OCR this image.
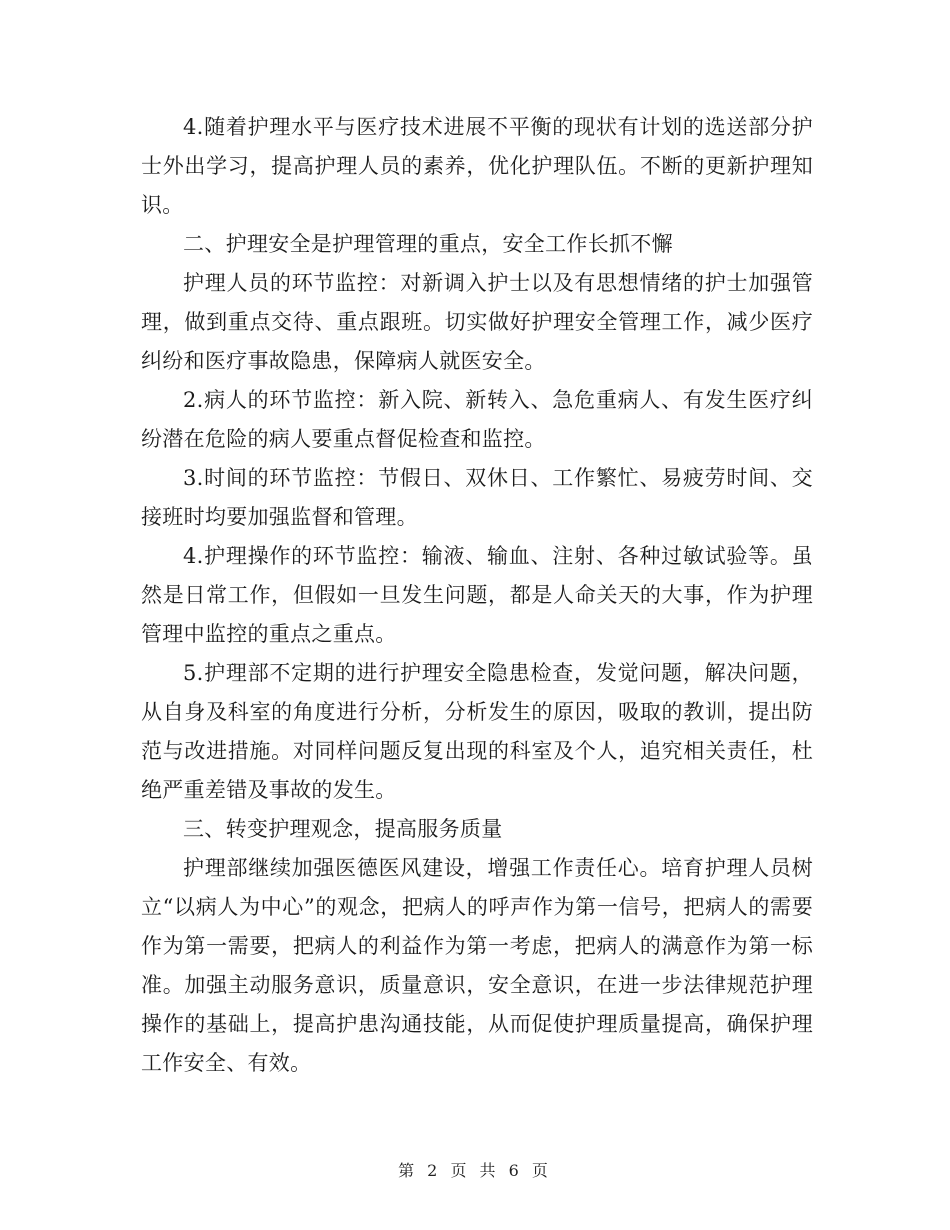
4.随着护理水平与医疗技术进展不平衡的现状有计划的选送部分护士外出学习，提高护理人员的素养，优化护理队伍。不断的更新护理知识。

二、护理安全是护理管理的重点，安全工作长抓不懈

护理人员的环节监控：对新调入护士以及有思想情绪的护士加强管理，做到重点交待、重点跟班。切实做好护理安全管理工作，减少医疗纠纷和医疗事故隐患，保障病人就医安全。

2.病人的环节监控：新入院、新转入、急危重病人、有发生医疗纠纷潜在危险的病人要重点督促检查和监控。

3.时间的环节监控：节假日、双休日、工作繁忙、易疲劳时间、交接班时均要加强监督和管理。

4.护理操作的环节监控：输液、输血、注射、各种过敏试验等。虽然是日常工作，但假如一旦发生问题，都是人命关天的大事，作为护理管理中监控的重点之重点。

5.护理部不定期的进行护理安全隐患检查，发觉问题，解决问题，从自身及科室的角度进行分析，分析发生的原因，吸取的教训，提出防范与改进措施。对同样问题反复出现的科室及个人，追究相关责任，杜绝严重差错及事故的发生。

三、转变护理观念，提高服务质量

护理部继续加强医德医风建设，增强工作责任心。培育护理人员树立“以病人为中心”的观念，把病人的呼声作为第一信号，把病人的需要作为第一需要，把病人的利益作为第一考虑，把病人的满意作为第一标准。加强主动服务意识，质量意识，安全意识，在进一步法律规范护理操作的基础上，提高护患沟通技能，从而促使护理质量提高，确保护理工作安全、有效。

第 2 页 共 6 页
